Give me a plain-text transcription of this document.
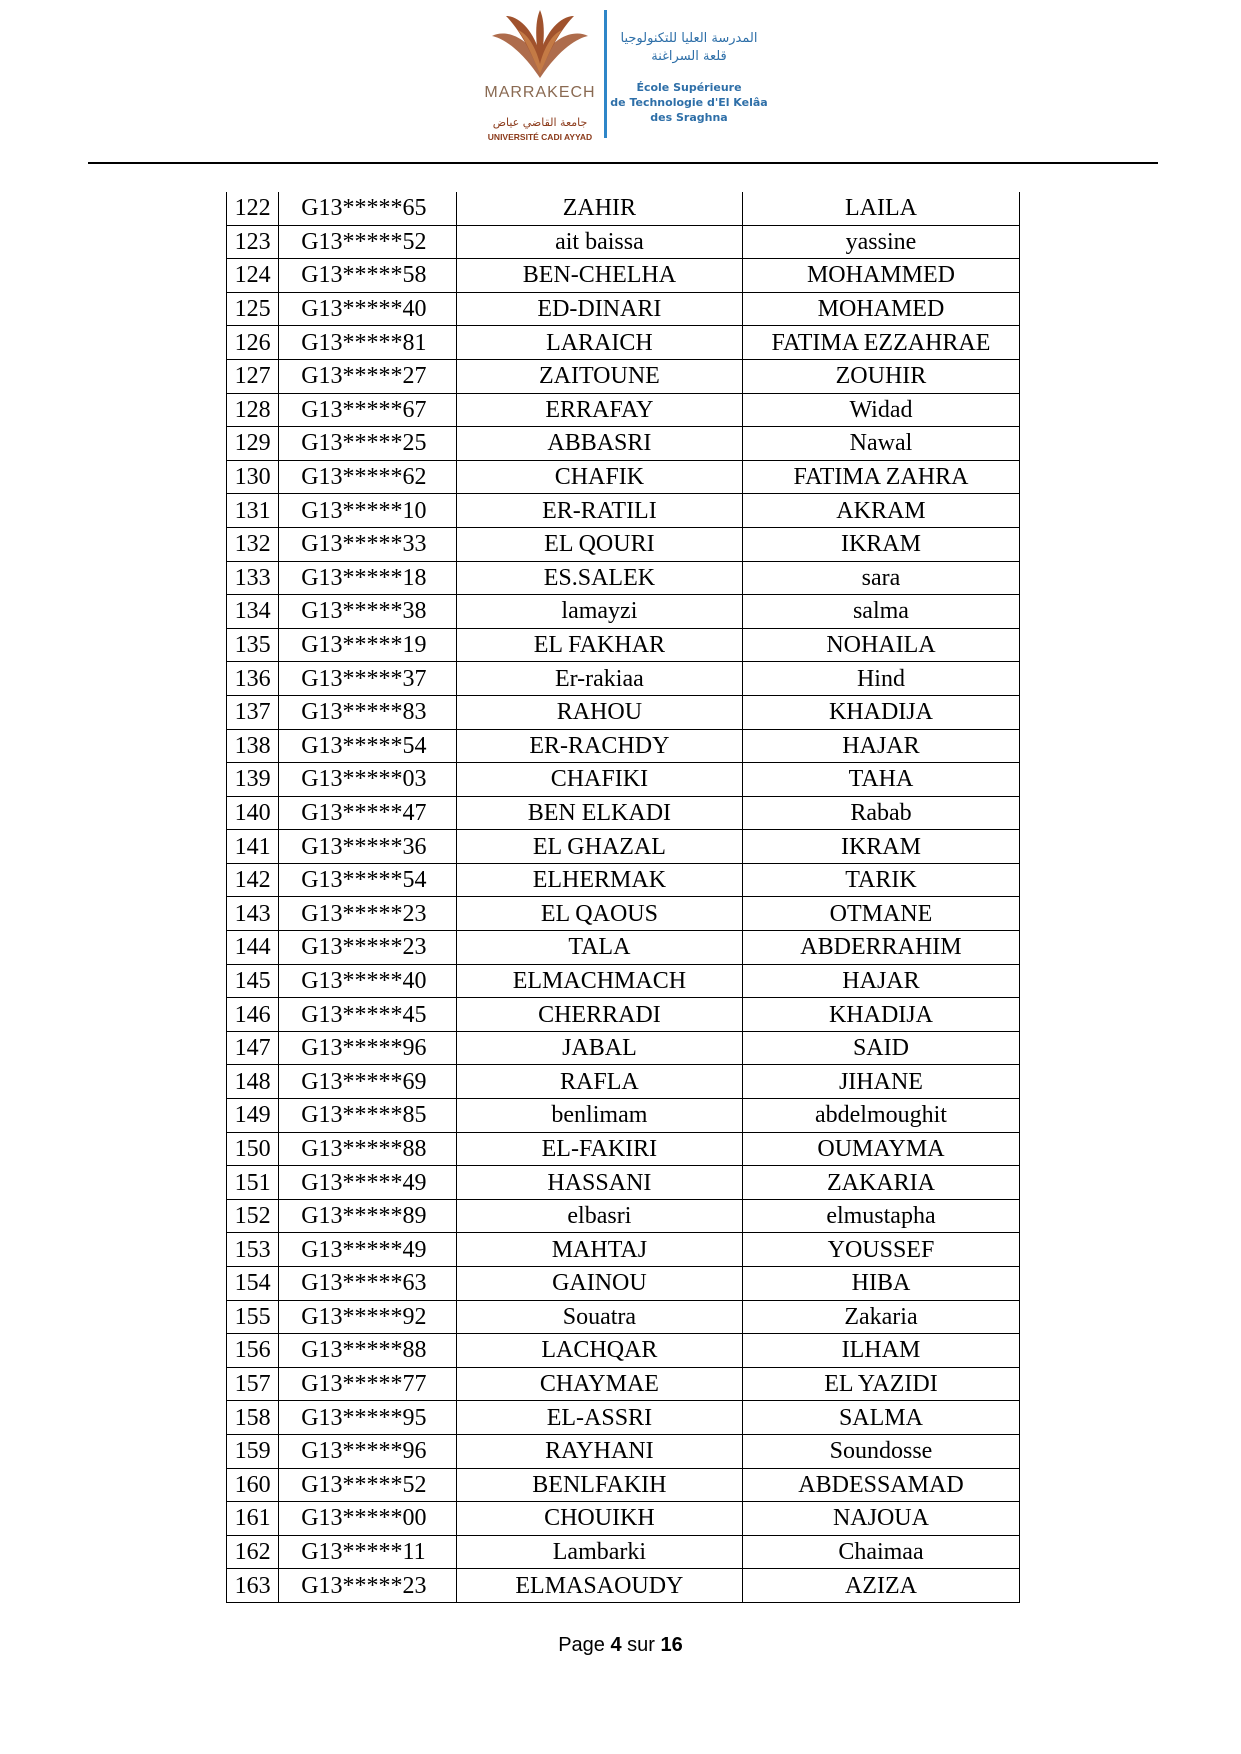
MARRAKECH
جامعة القاضي عياض
UNIVERSITÉ CADI AYYAD
المدرسة العليا للتكنولوجيا
قلعة السراغنة
École Supérieure
de Technologie d'El Kelâa
des Sraghna
122	G13*****65	ZAHIR	LAILA
123	G13*****52	ait baissa	yassine
124	G13*****58	BEN-CHELHA	MOHAMMED
125	G13*****40	ED-DINARI	MOHAMED
126	G13*****81	LARAICH	FATIMA EZZAHRAE
127	G13*****27	ZAITOUNE	ZOUHIR
128	G13*****67	ERRAFAY	Widad
129	G13*****25	ABBASRI	Nawal
130	G13*****62	CHAFIK	FATIMA ZAHRA
131	G13*****10	ER-RATILI	AKRAM
132	G13*****33	EL QOURI	IKRAM
133	G13*****18	ES.SALEK	sara
134	G13*****38	lamayzi	salma
135	G13*****19	EL FAKHAR	NOHAILA
136	G13*****37	Er-rakiaa	Hind
137	G13*****83	RAHOU	KHADIJA
138	G13*****54	ER-RACHDY	HAJAR
139	G13*****03	CHAFIKI	TAHA
140	G13*****47	BEN ELKADI	Rabab
141	G13*****36	EL GHAZAL	IKRAM
142	G13*****54	ELHERMAK	TARIK
143	G13*****23	EL QAOUS	OTMANE
144	G13*****23	TALA	ABDERRAHIM
145	G13*****40	ELMACHMACH	HAJAR
146	G13*****45	CHERRADI	KHADIJA
147	G13*****96	JABAL	SAID
148	G13*****69	RAFLA	JIHANE
149	G13*****85	benlimam	abdelmoughit
150	G13*****88	EL-FAKIRI	OUMAYMA
151	G13*****49	HASSANI	ZAKARIA
152	G13*****89	elbasri	elmustapha
153	G13*****49	MAHTAJ	YOUSSEF
154	G13*****63	GAINOU	HIBA
155	G13*****92	Souatra	Zakaria
156	G13*****88	LACHQAR	ILHAM
157	G13*****77	CHAYMAE	EL YAZIDI
158	G13*****95	EL-ASSRI	SALMA
159	G13*****96	RAYHANI	Soundosse
160	G13*****52	BENLFAKIH	ABDESSAMAD
161	G13*****00	CHOUIKH	NAJOUA
162	G13*****11	Lambarki	Chaimaa
163	G13*****23	ELMASAOUDY	AZIZA
Page 4 sur 16
